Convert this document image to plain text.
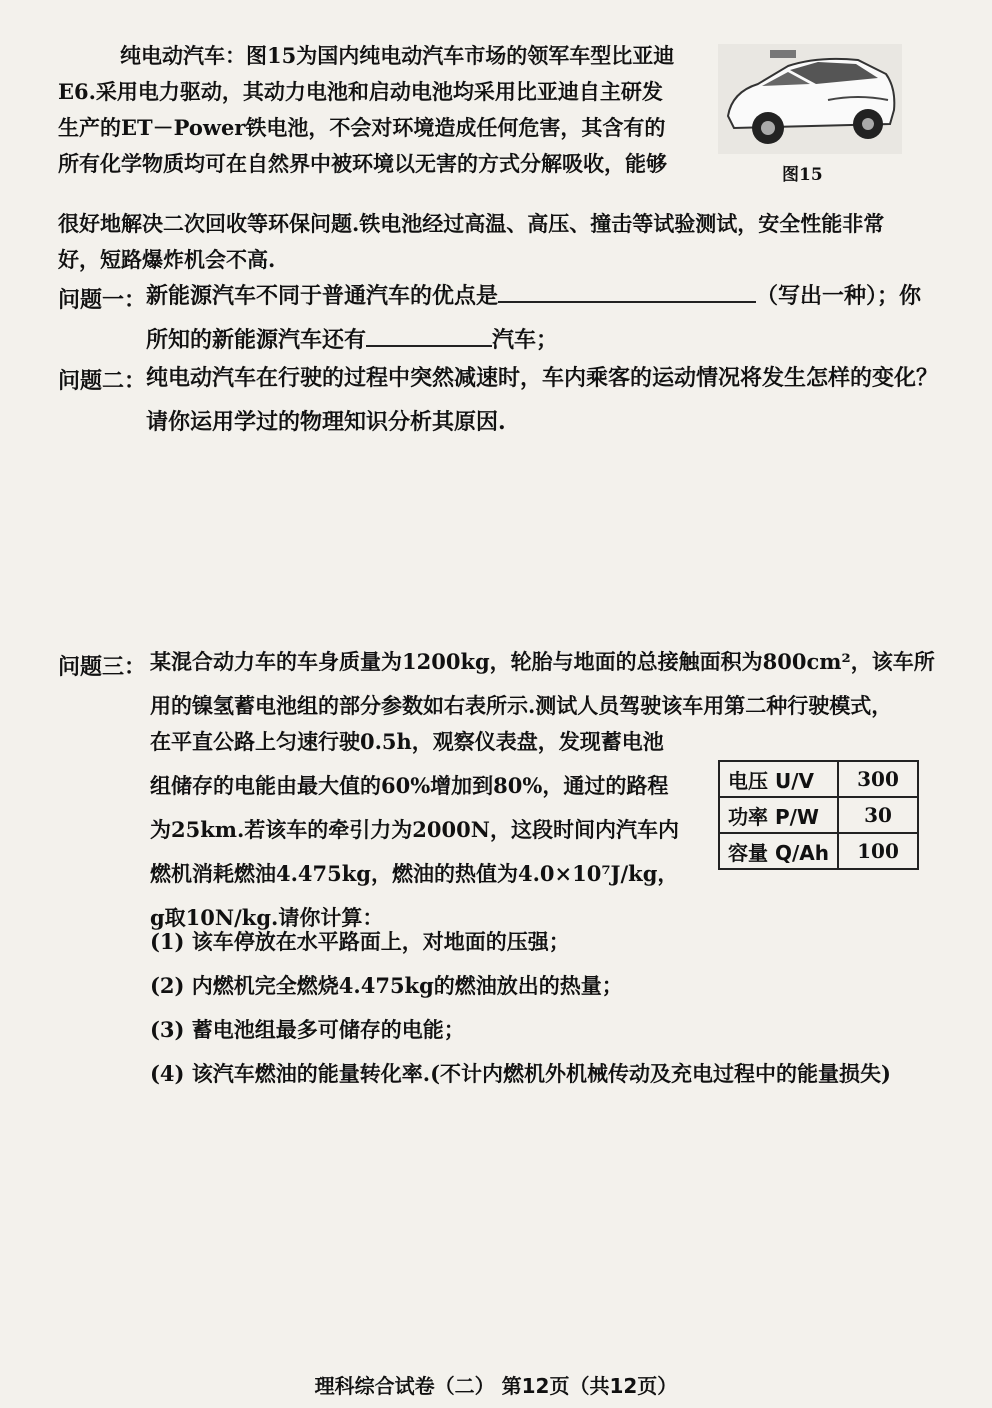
纯电动汽车：图15为国内纯电动汽车市场的领军车型比亚迪
E6.采用电力驱动，其动力电池和启动电池均采用比亚迪自主研发
生产的ET－Power铁电池，不会对环境造成任何危害，其含有的
所有化学物质均可在自然界中被环境以无害的方式分解吸收，能够
很好地解决二次回收等环保问题.铁电池经过高温、高压、撞击等试验测试，安全性能非常
好，短路爆炸机会不高.
图15
问题一： 新能源汽车不同于普通汽车的优点是	（写出一种）；你
所知的新能源汽车还有	汽车；
问题二： 纯电动汽车在行驶的过程中突然减速时，车内乘客的运动情况将发生怎样的变化？
请你运用学过的物理知识分析其原因.
问题三： 某混合动力车的车身质量为1200kg，轮胎与地面的总接触面积为800cm²，该车所
用的镍氢蓄电池组的部分参数如右表所示.测试人员驾驶该车用第二种行驶模式，
在平直公路上匀速行驶0.5h，观察仪表盘，发现蓄电池
组储存的电能由最大值的60%增加到80%，通过的路程
为25km.若该车的牵引力为2000N，这段时间内汽车内
燃机消耗燃油4.475kg，燃油的热值为4.0×10⁷J/kg，
g取10N/kg.请你计算：
(1) 该车停放在水平路面上，对地面的压强；
(2) 内燃机完全燃烧4.475kg的燃油放出的热量；
(3) 蓄电池组最多可储存的电能；
(4) 该汽车燃油的能量转化率.(不计内燃机外机械传动及充电过程中的能量损失)
电压 U/V	300
功率 P/W	30
容量 Q/Ah	100
理科综合试卷（二） 第12页（共12页）
